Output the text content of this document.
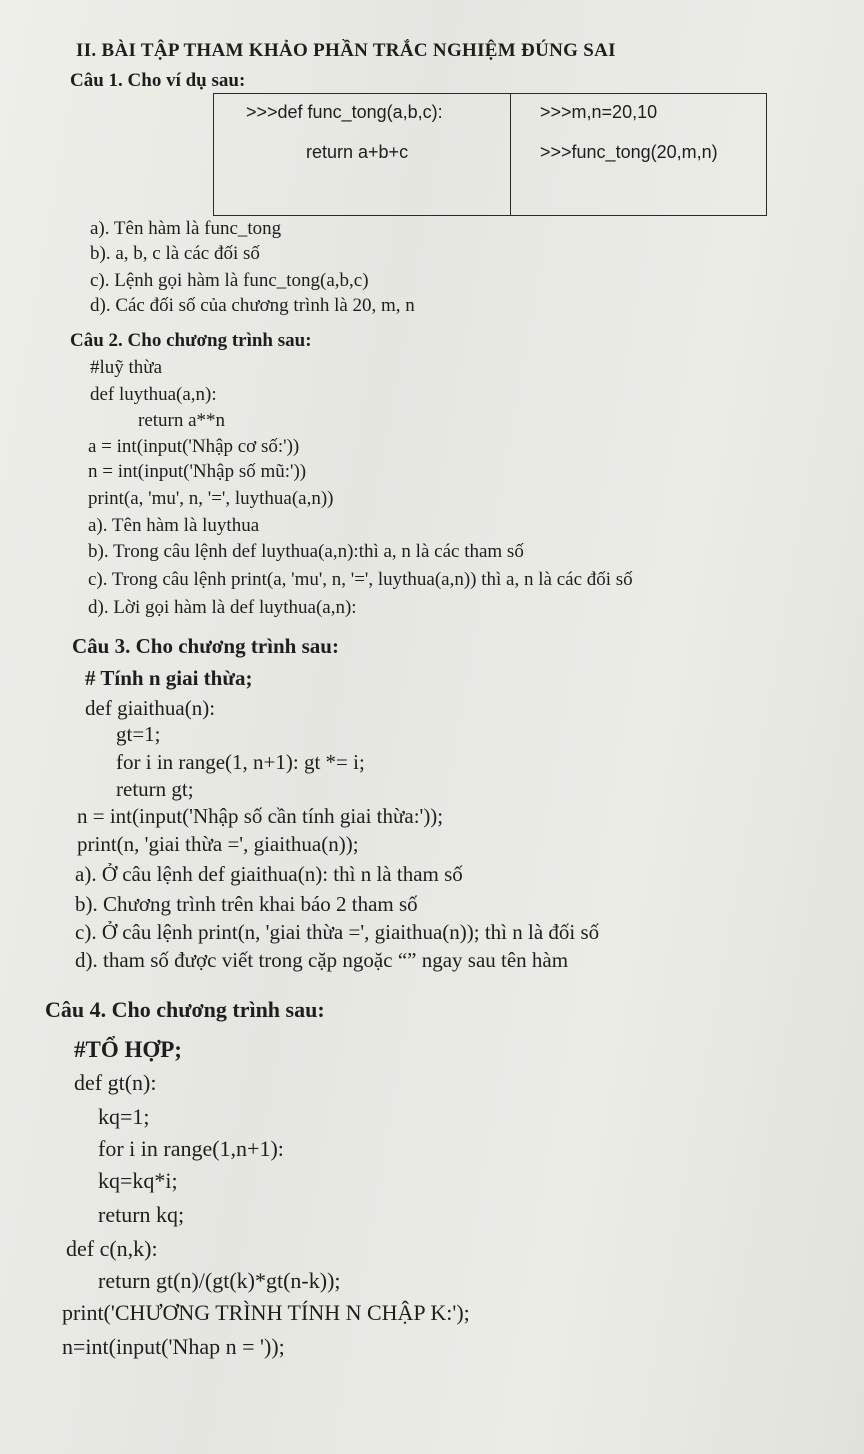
II. BÀI TẬP THAM KHẢO PHẦN TRẮC NGHIỆM ĐÚNG SAI
Câu 1. Cho ví dụ sau:
>>>def func_tong(a,b,c):
return a+b+c
>>>m,n=20,10
>>>func_tong(20,m,n)
a). Tên hàm là func_tong
b). a, b, c là các đối số
c). Lệnh gọi hàm là func_tong(a,b,c)
d). Các đối số của chương trình là 20, m, n
Câu 2. Cho chương trình sau:
#luỹ thừa
def luythua(a,n):
return a**n
a = int(input('Nhập cơ số:'))
n = int(input('Nhập số mũ:'))
print(a, 'mu', n, '=', luythua(a,n))
a). Tên hàm là luythua
b). Trong câu lệnh def luythua(a,n):thì a, n là các tham số
c). Trong câu lệnh print(a, 'mu', n, '=', luythua(a,n)) thì a, n là các đối số
d). Lời gọi hàm là def luythua(a,n):
Câu 3. Cho chương trình sau:
# Tính n giai thừa;
def giaithua(n):
gt=1;
for i in range(1, n+1): gt *= i;
return gt;
n = int(input('Nhập số cần tính giai thừa:'));
print(n, 'giai thừa =', giaithua(n));
a). Ở câu lệnh def giaithua(n): thì n là tham số
b). Chương trình trên khai báo 2 tham số
c). Ở câu lệnh print(n, 'giai thừa =', giaithua(n)); thì n là đối số
d). tham số được viết trong cặp ngoặc “” ngay sau tên hàm
Câu 4. Cho chương trình sau:
#TỔ HỢP;
def gt(n):
kq=1;
for i in range(1,n+1):
kq=kq*i;
return kq;
def c(n,k):
return gt(n)/(gt(k)*gt(n-k));
print('CHƯƠNG TRÌNH TÍNH N CHẬP K:');
n=int(input('Nhap n = '));
